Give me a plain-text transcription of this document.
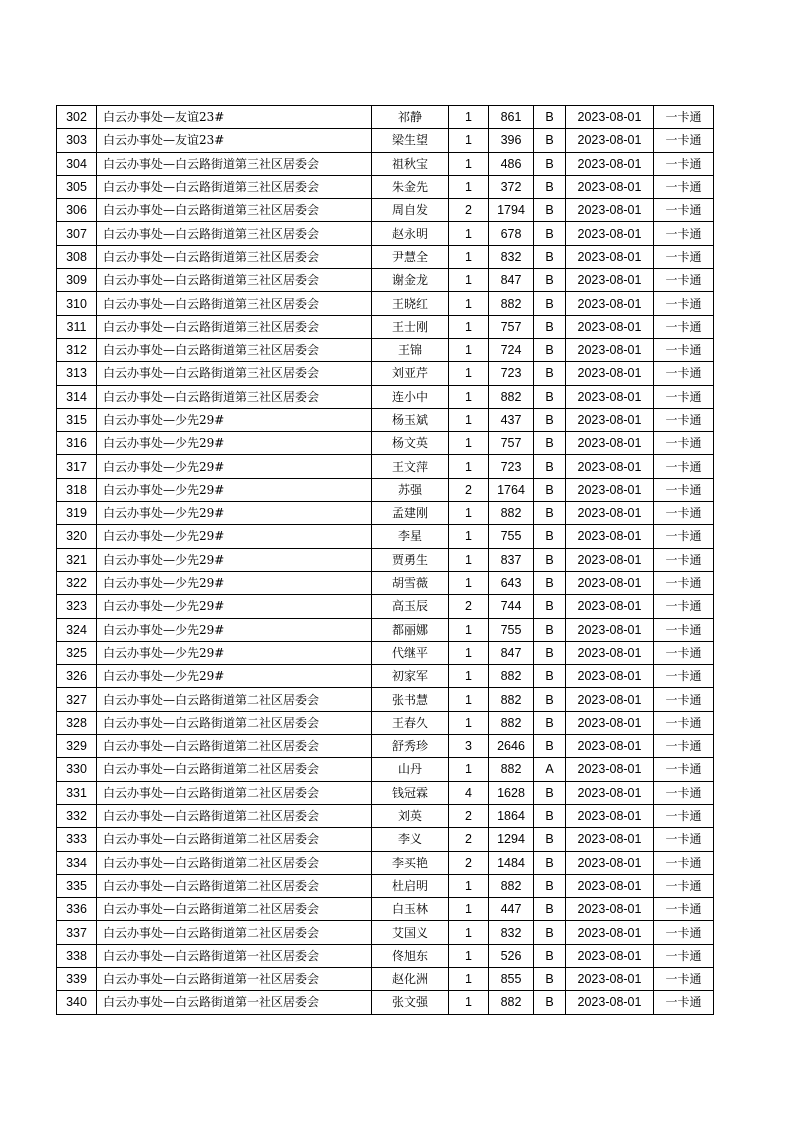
302	白云办事处—友谊23#	祁静	1	861	B	2023-08-01	一卡通
303	白云办事处—友谊23#	梁生望	1	396	B	2023-08-01	一卡通
304	白云办事处—白云路街道第三社区居委会	祖秋宝	1	486	B	2023-08-01	一卡通
305	白云办事处—白云路街道第三社区居委会	朱金先	1	372	B	2023-08-01	一卡通
306	白云办事处—白云路街道第三社区居委会	周自发	2	1794	B	2023-08-01	一卡通
307	白云办事处—白云路街道第三社区居委会	赵永明	1	678	B	2023-08-01	一卡通
308	白云办事处—白云路街道第三社区居委会	尹慧全	1	832	B	2023-08-01	一卡通
309	白云办事处—白云路街道第三社区居委会	谢金龙	1	847	B	2023-08-01	一卡通
310	白云办事处—白云路街道第三社区居委会	王晓红	1	882	B	2023-08-01	一卡通
311	白云办事处—白云路街道第三社区居委会	王士刚	1	757	B	2023-08-01	一卡通
312	白云办事处—白云路街道第三社区居委会	王锦	1	724	B	2023-08-01	一卡通
313	白云办事处—白云路街道第三社区居委会	刘亚芹	1	723	B	2023-08-01	一卡通
314	白云办事处—白云路街道第三社区居委会	连小中	1	882	B	2023-08-01	一卡通
315	白云办事处—少先29#	杨玉斌	1	437	B	2023-08-01	一卡通
316	白云办事处—少先29#	杨文英	1	757	B	2023-08-01	一卡通
317	白云办事处—少先29#	王文萍	1	723	B	2023-08-01	一卡通
318	白云办事处—少先29#	苏强	2	1764	B	2023-08-01	一卡通
319	白云办事处—少先29#	孟建刚	1	882	B	2023-08-01	一卡通
320	白云办事处—少先29#	李星	1	755	B	2023-08-01	一卡通
321	白云办事处—少先29#	贾勇生	1	837	B	2023-08-01	一卡通
322	白云办事处—少先29#	胡雪薇	1	643	B	2023-08-01	一卡通
323	白云办事处—少先29#	高玉辰	2	744	B	2023-08-01	一卡通
324	白云办事处—少先29#	都丽娜	1	755	B	2023-08-01	一卡通
325	白云办事处—少先29#	代继平	1	847	B	2023-08-01	一卡通
326	白云办事处—少先29#	初家军	1	882	B	2023-08-01	一卡通
327	白云办事处—白云路街道第二社区居委会	张书慧	1	882	B	2023-08-01	一卡通
328	白云办事处—白云路街道第二社区居委会	王春久	1	882	B	2023-08-01	一卡通
329	白云办事处—白云路街道第二社区居委会	舒秀珍	3	2646	B	2023-08-01	一卡通
330	白云办事处—白云路街道第二社区居委会	山丹	1	882	A	2023-08-01	一卡通
331	白云办事处—白云路街道第二社区居委会	钱冠霖	4	1628	B	2023-08-01	一卡通
332	白云办事处—白云路街道第二社区居委会	刘英	2	1864	B	2023-08-01	一卡通
333	白云办事处—白云路街道第二社区居委会	李义	2	1294	B	2023-08-01	一卡通
334	白云办事处—白云路街道第二社区居委会	李买艳	2	1484	B	2023-08-01	一卡通
335	白云办事处—白云路街道第二社区居委会	杜启明	1	882	B	2023-08-01	一卡通
336	白云办事处—白云路街道第二社区居委会	白玉林	1	447	B	2023-08-01	一卡通
337	白云办事处—白云路街道第二社区居委会	艾国义	1	832	B	2023-08-01	一卡通
338	白云办事处—白云路街道第一社区居委会	佟旭东	1	526	B	2023-08-01	一卡通
339	白云办事处—白云路街道第一社区居委会	赵化洲	1	855	B	2023-08-01	一卡通
340	白云办事处—白云路街道第一社区居委会	张文强	1	882	B	2023-08-01	一卡通
